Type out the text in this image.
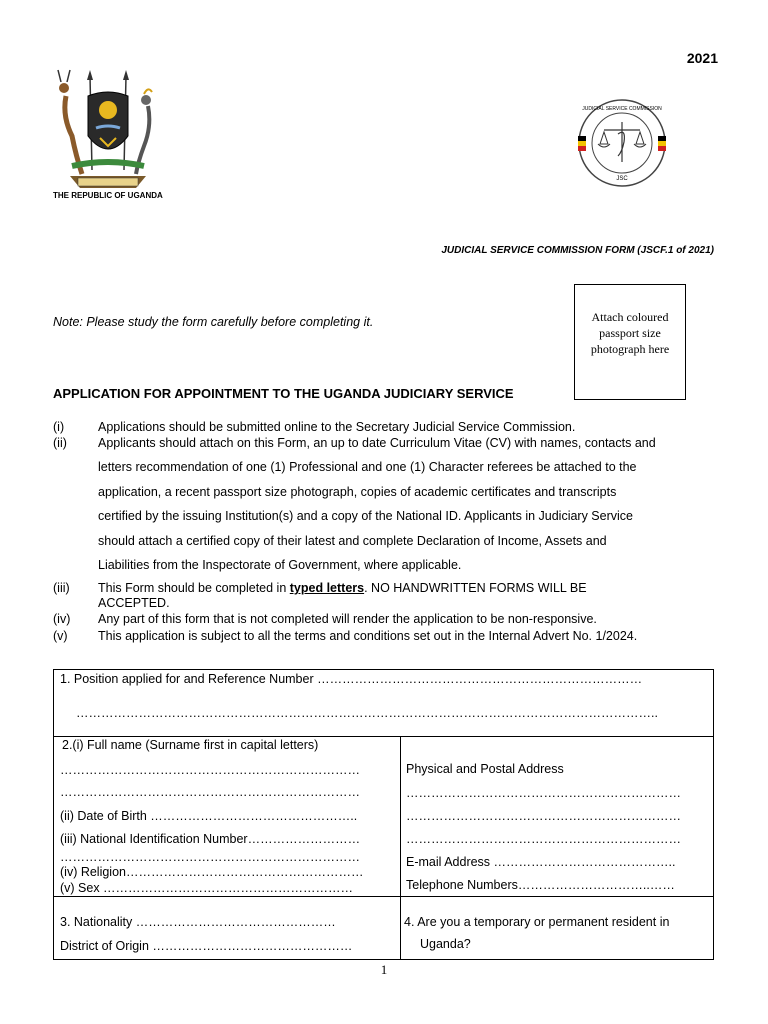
2021
THE REPUBLIC OF UGANDA
JSC
JUDICIAL SERVICE COMMISSION
JUDICIAL SERVICE COMMISSION FORM (JSCF.1 of 2021)
Note: Please study the form carefully before completing it.	Attach coloured
passport size
photograph here
APPLICATION FOR APPOINTMENT TO THE UGANDA JUDICIARY SERVICE
(i)	Applications should be submitted online to the Secretary Judicial Service Commission.
(ii)	Applicants should attach on this Form, an up to date Curriculum Vitae (CV) with names, contacts and
letters recommendation of one (1) Professional and one (1) Character referees be attached to the
application, a recent passport size photograph, copies of academic certificates and transcripts
certified by the issuing Institution(s) and a copy of the National ID. Applicants in Judiciary Service
should attach a certified copy of their latest and complete Declaration of Income, Assets and
Liabilities from the Inspectorate of Government, where applicable.
(iii)	This Form should be completed in typed letters. NO HANDWRITTEN FORMS WILL BE
ACCEPTED.
(iv)	Any part of this form that is not completed will render the application to be non-responsive.
(v)	This application is subject to all the terms and conditions set out in the Internal Advert No. 1/2024.
1. Position applied for and Reference Number ……………………………………………………………………
…………………………………………………………………………………………………………………………..
2.(i) Full name (Surname first in capital letters)
………………………………………………………………
………………………………………………………………
(ii) Date of Birth …………………………………………..
(iii) National Identification Number………………………
………………………………………………………………
(iv) Religion…………………………………………………
(v) Sex ……………………………………………………
Physical and Postal Address
…………………………………………………………
…………………………………………………………
…………………………………………………………
E-mail Address ……………………………………..
Telephone Numbers…………………………..……
3. Nationality …………………………………………
District of Origin …………………………………………
4. Are you a temporary or permanent resident in
Uganda?
1
